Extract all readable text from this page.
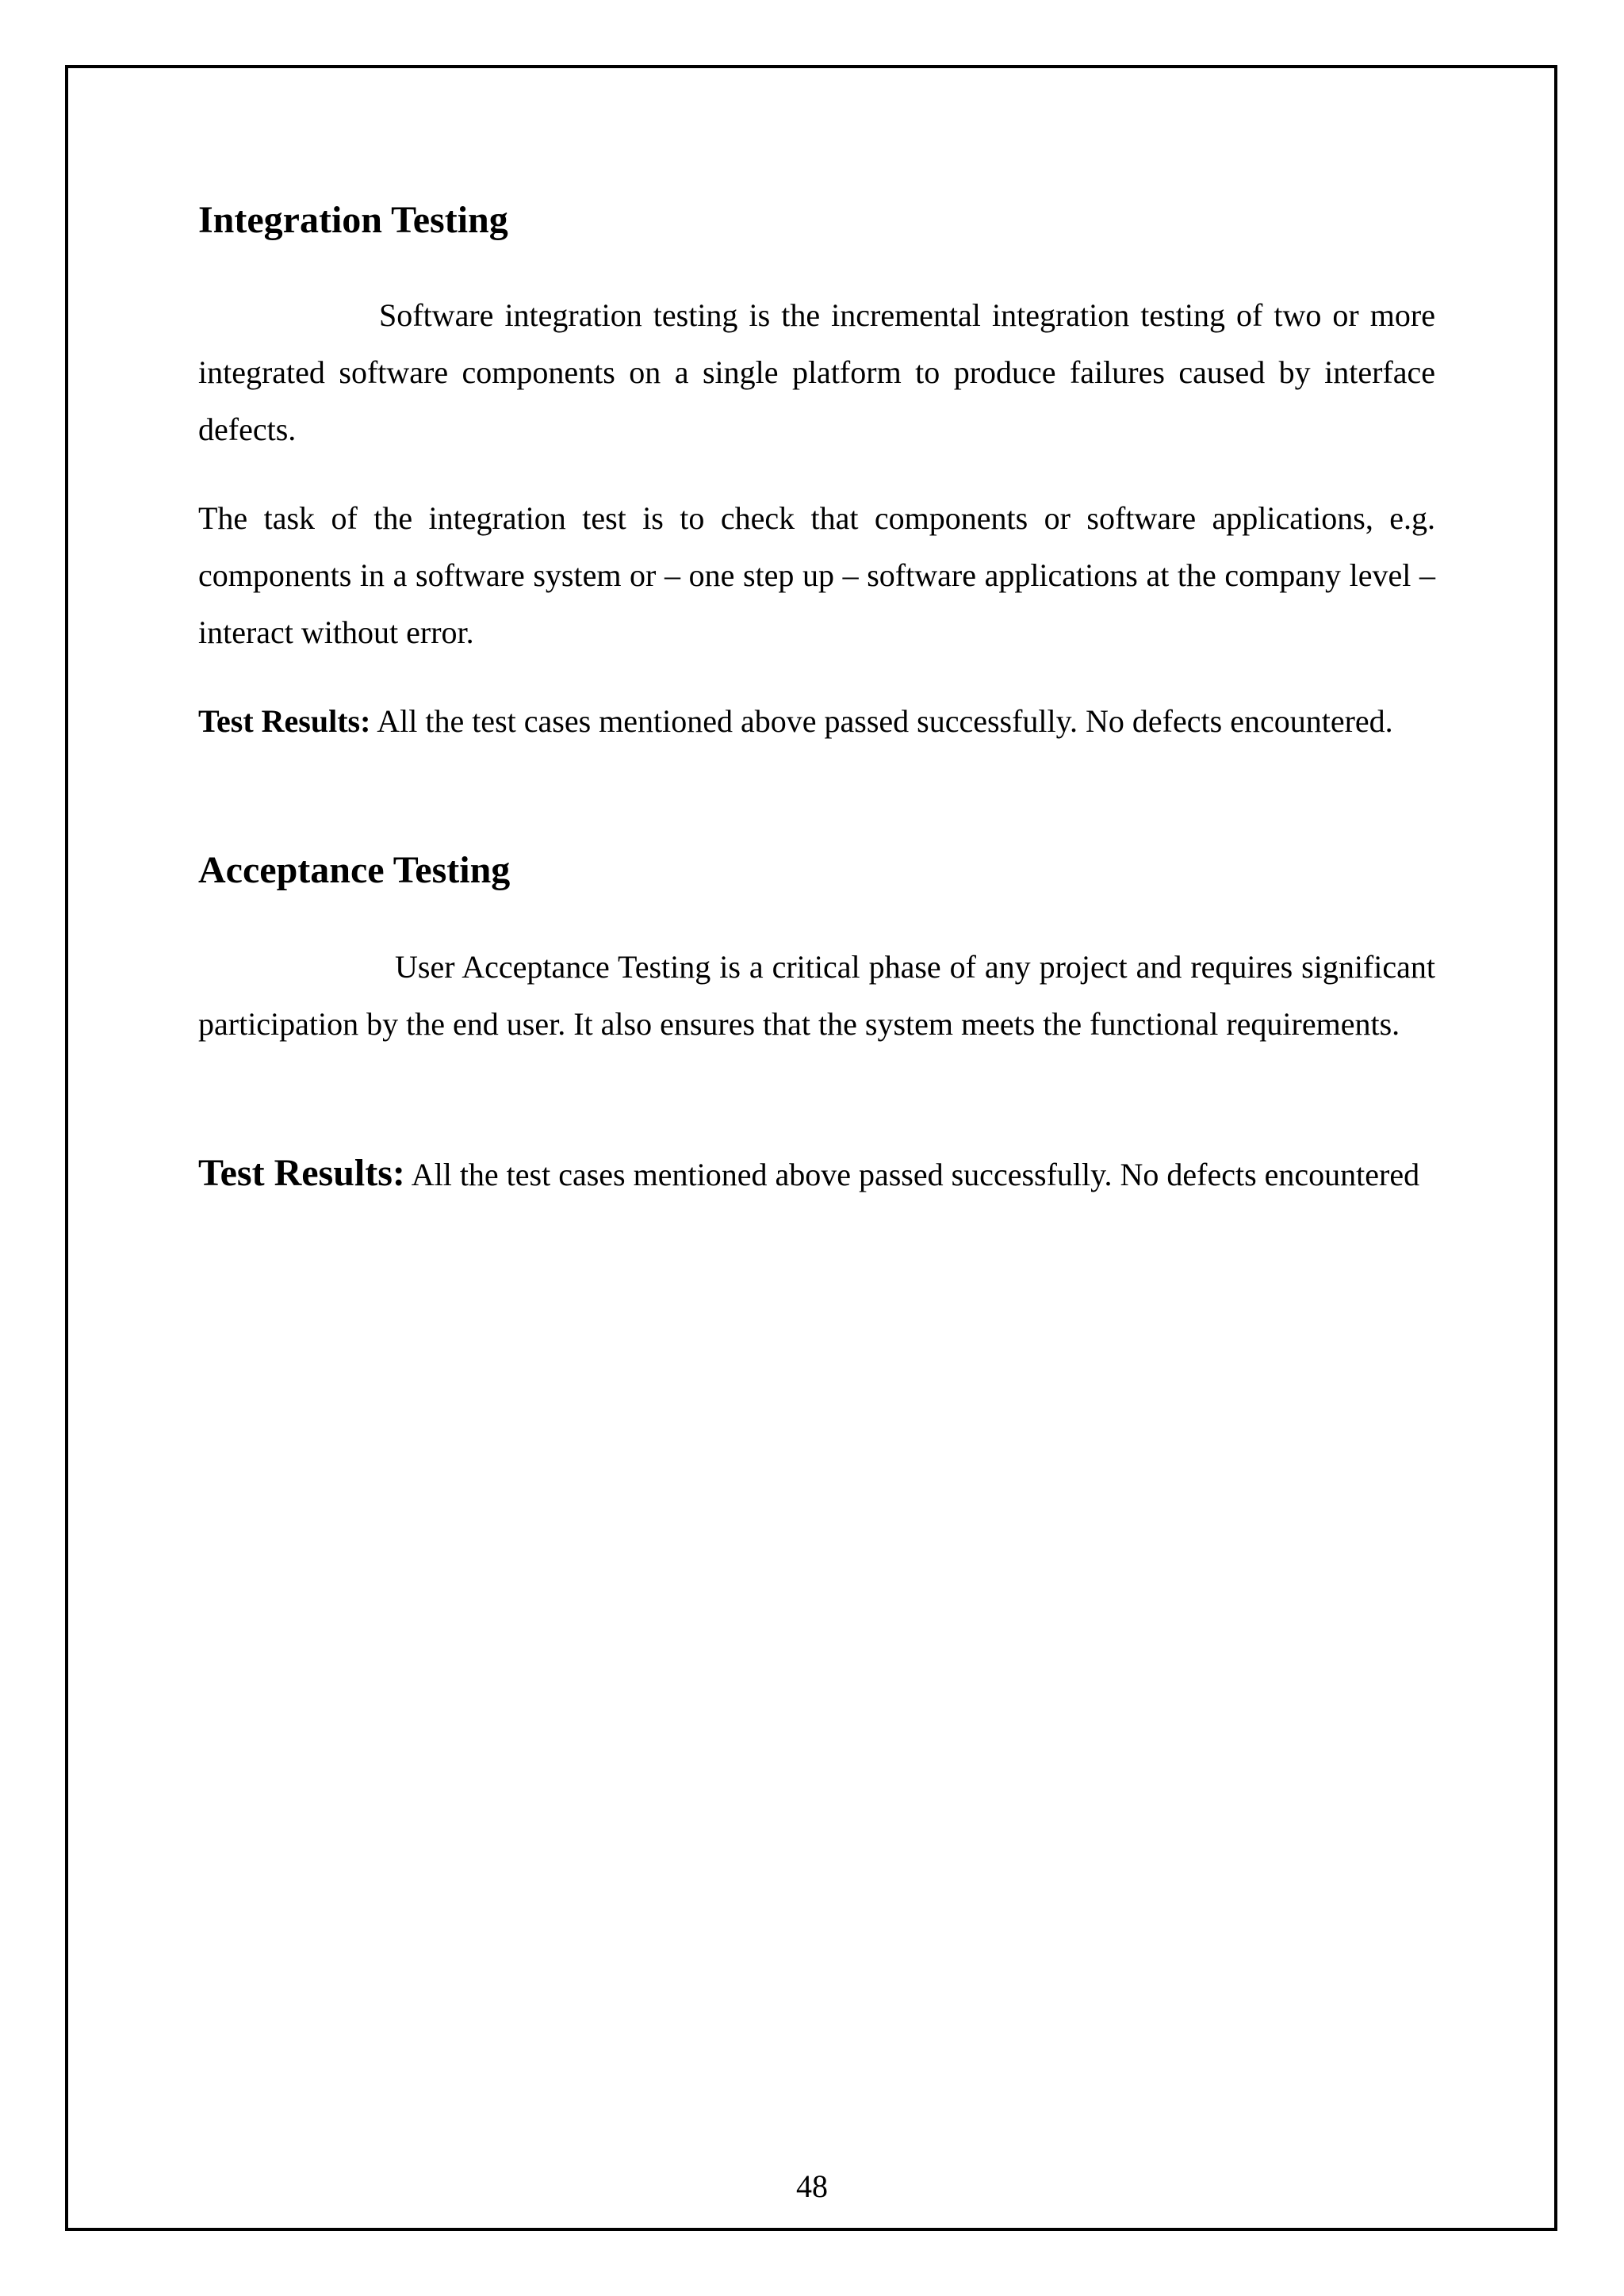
Integration Testing

Software integration testing is the incremental integration testing of two or more integrated software components on a single platform to produce failures caused by interface defects.

The task of the integration test is to check that components or software applications, e.g. components in a software system or – one step up – software applications at the company level – interact without error.

Test Results: All the test cases mentioned above passed successfully. No defects encountered.

Acceptance Testing

User Acceptance Testing is a critical phase of any project and requires significant participation by the end user. It also ensures that the system meets the functional requirements.

Test Results: All the test cases mentioned above passed successfully. No defects encountered

48
